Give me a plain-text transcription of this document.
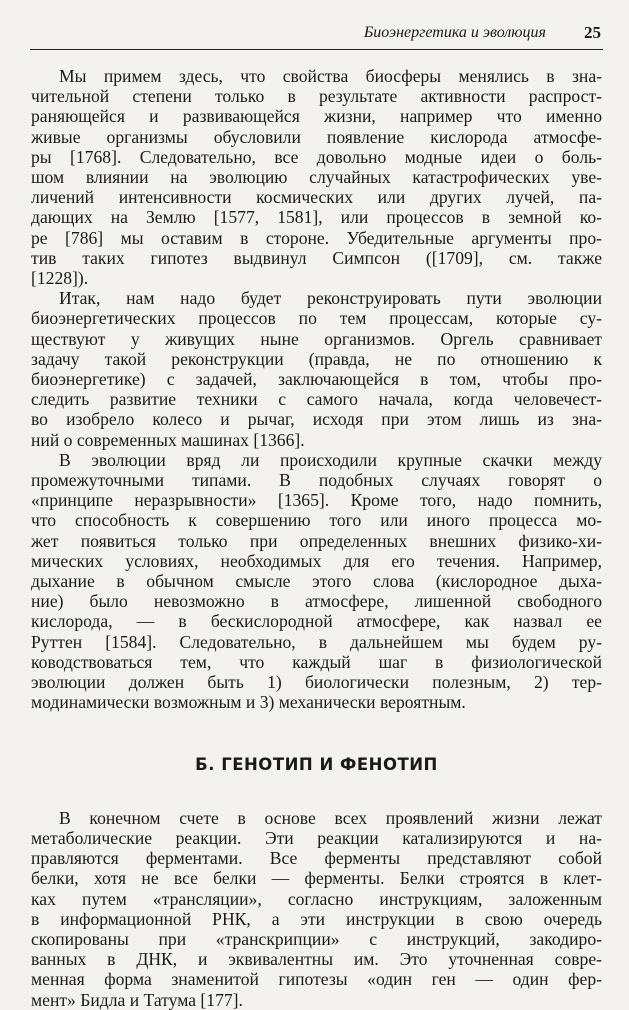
Биоэнергетика и эволюция 25
Мы примем здесь, что свойства биосферы менялись в зна-
чительной степени только в результате активности распрост-
раняющейся и развивающейся жизни, например что именно
живые организмы обусловили появление кислорода атмосфе-
ры [1768]. Следовательно, все довольно модные идеи о боль-
шом влиянии на эволюцию случайных катастрофических уве-
личений интенсивности космических или других лучей, па-
дающих на Землю [1577, 1581], или процессов в земной ко-
ре [786] мы оставим в стороне. Убедительные аргументы про-
тив таких гипотез выдвинул Симпсон ([1709], см. также
[1228]).
Итак, нам надо будет реконструировать пути эволюции
биоэнергетических процессов по тем процессам, которые су-
ществуют у живущих ныне организмов. Оргель сравнивает
задачу такой реконструкции (правда, не по отношению к
биоэнергетике) с задачей, заключающейся в том, чтобы про-
следить развитие техники с самого начала, когда человечест-
во изобрело колесо и рычаг, исходя при этом лишь из зна-
ний о современных машинах [1366].
В эволюции вряд ли происходили крупные скачки между
промежуточными типами. В подобных случаях говорят о
«принципе неразрывности» [1365]. Кроме того, надо помнить,
что способность к совершению того или иного процесса мо-
жет появиться только при определенных внешних физико-хи-
мических условиях, необходимых для его течения. Например,
дыхание в обычном смысле этого слова (кислородное дыха-
ние) было невозможно в атмосфере, лишенной свободного
кислорода, — в бескислородной атмосфере, как назвал ее
Руттен [1584]. Следовательно, в дальнейшем мы будем ру-
ководствоваться тем, что каждый шаг в физиологической
эволюции должен быть 1) биологически полезным, 2) тер-
модинамически возможным и 3) механически вероятным.
Б. ГЕНОТИП И ФЕНОТИП
В конечном счете в основе всех проявлений жизни лежат
метаболические реакции. Эти реакции катализируются и на-
правляются ферментами. Все ферменты представляют собой
белки, хотя не все белки — ферменты. Белки строятся в клет-
ках путем «трансляции», согласно инструкциям, заложенным
в информационной РНК, а эти инструкции в свою очередь
скопированы при «транскрипции» с инструкций, закодиро-
ванных в ДНК, и эквивалентны им. Это уточненная совре-
менная форма знаменитой гипотезы «один ген — один фер-
мент» Бидла и Татума [177].
